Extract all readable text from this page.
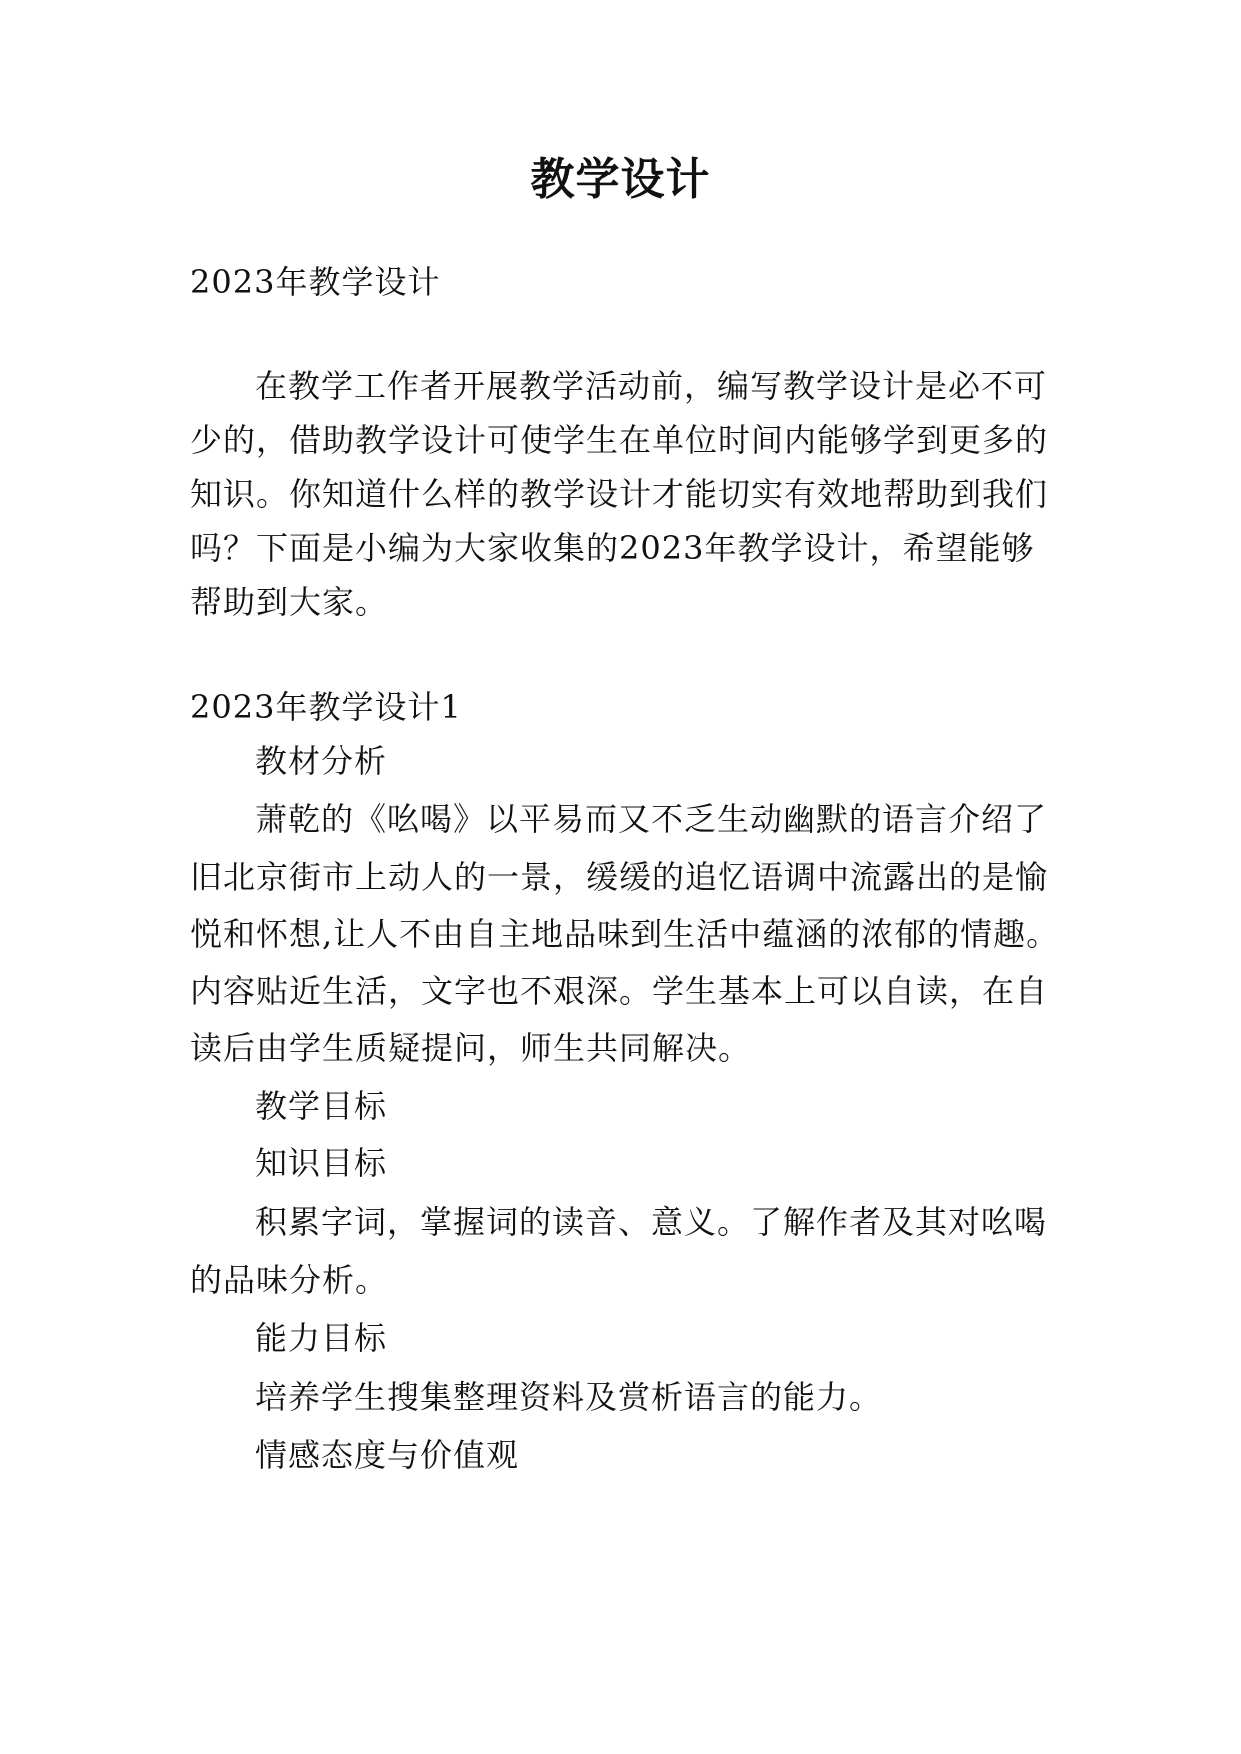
教学设计
2023年教学设计
在教学工作者开展教学活动前，编写教学设计是必不可
少的，借助教学设计可使学生在单位时间内能够学到更多的
知识。你知道什么样的教学设计才能切实有效地帮助到我们
吗？下面是小编为大家收集的2023年教学设计，希望能够
帮助到大家。
2023年教学设计1
教材分析
萧乾的《吆喝》以平易而又不乏生动幽默的语言介绍了
旧北京街市上动人的一景，缓缓的追忆语调中流露出的是愉
悦和怀想,让人不由自主地品味到生活中蕴涵的浓郁的情趣。
内容贴近生活，文字也不艰深。学生基本上可以自读，在自
读后由学生质疑提问，师生共同解决。
教学目标
知识目标
积累字词，掌握词的读音、意义。了解作者及其对吆喝
的品味分析。
能力目标
培养学生搜集整理资料及赏析语言的能力。
情感态度与价值观
